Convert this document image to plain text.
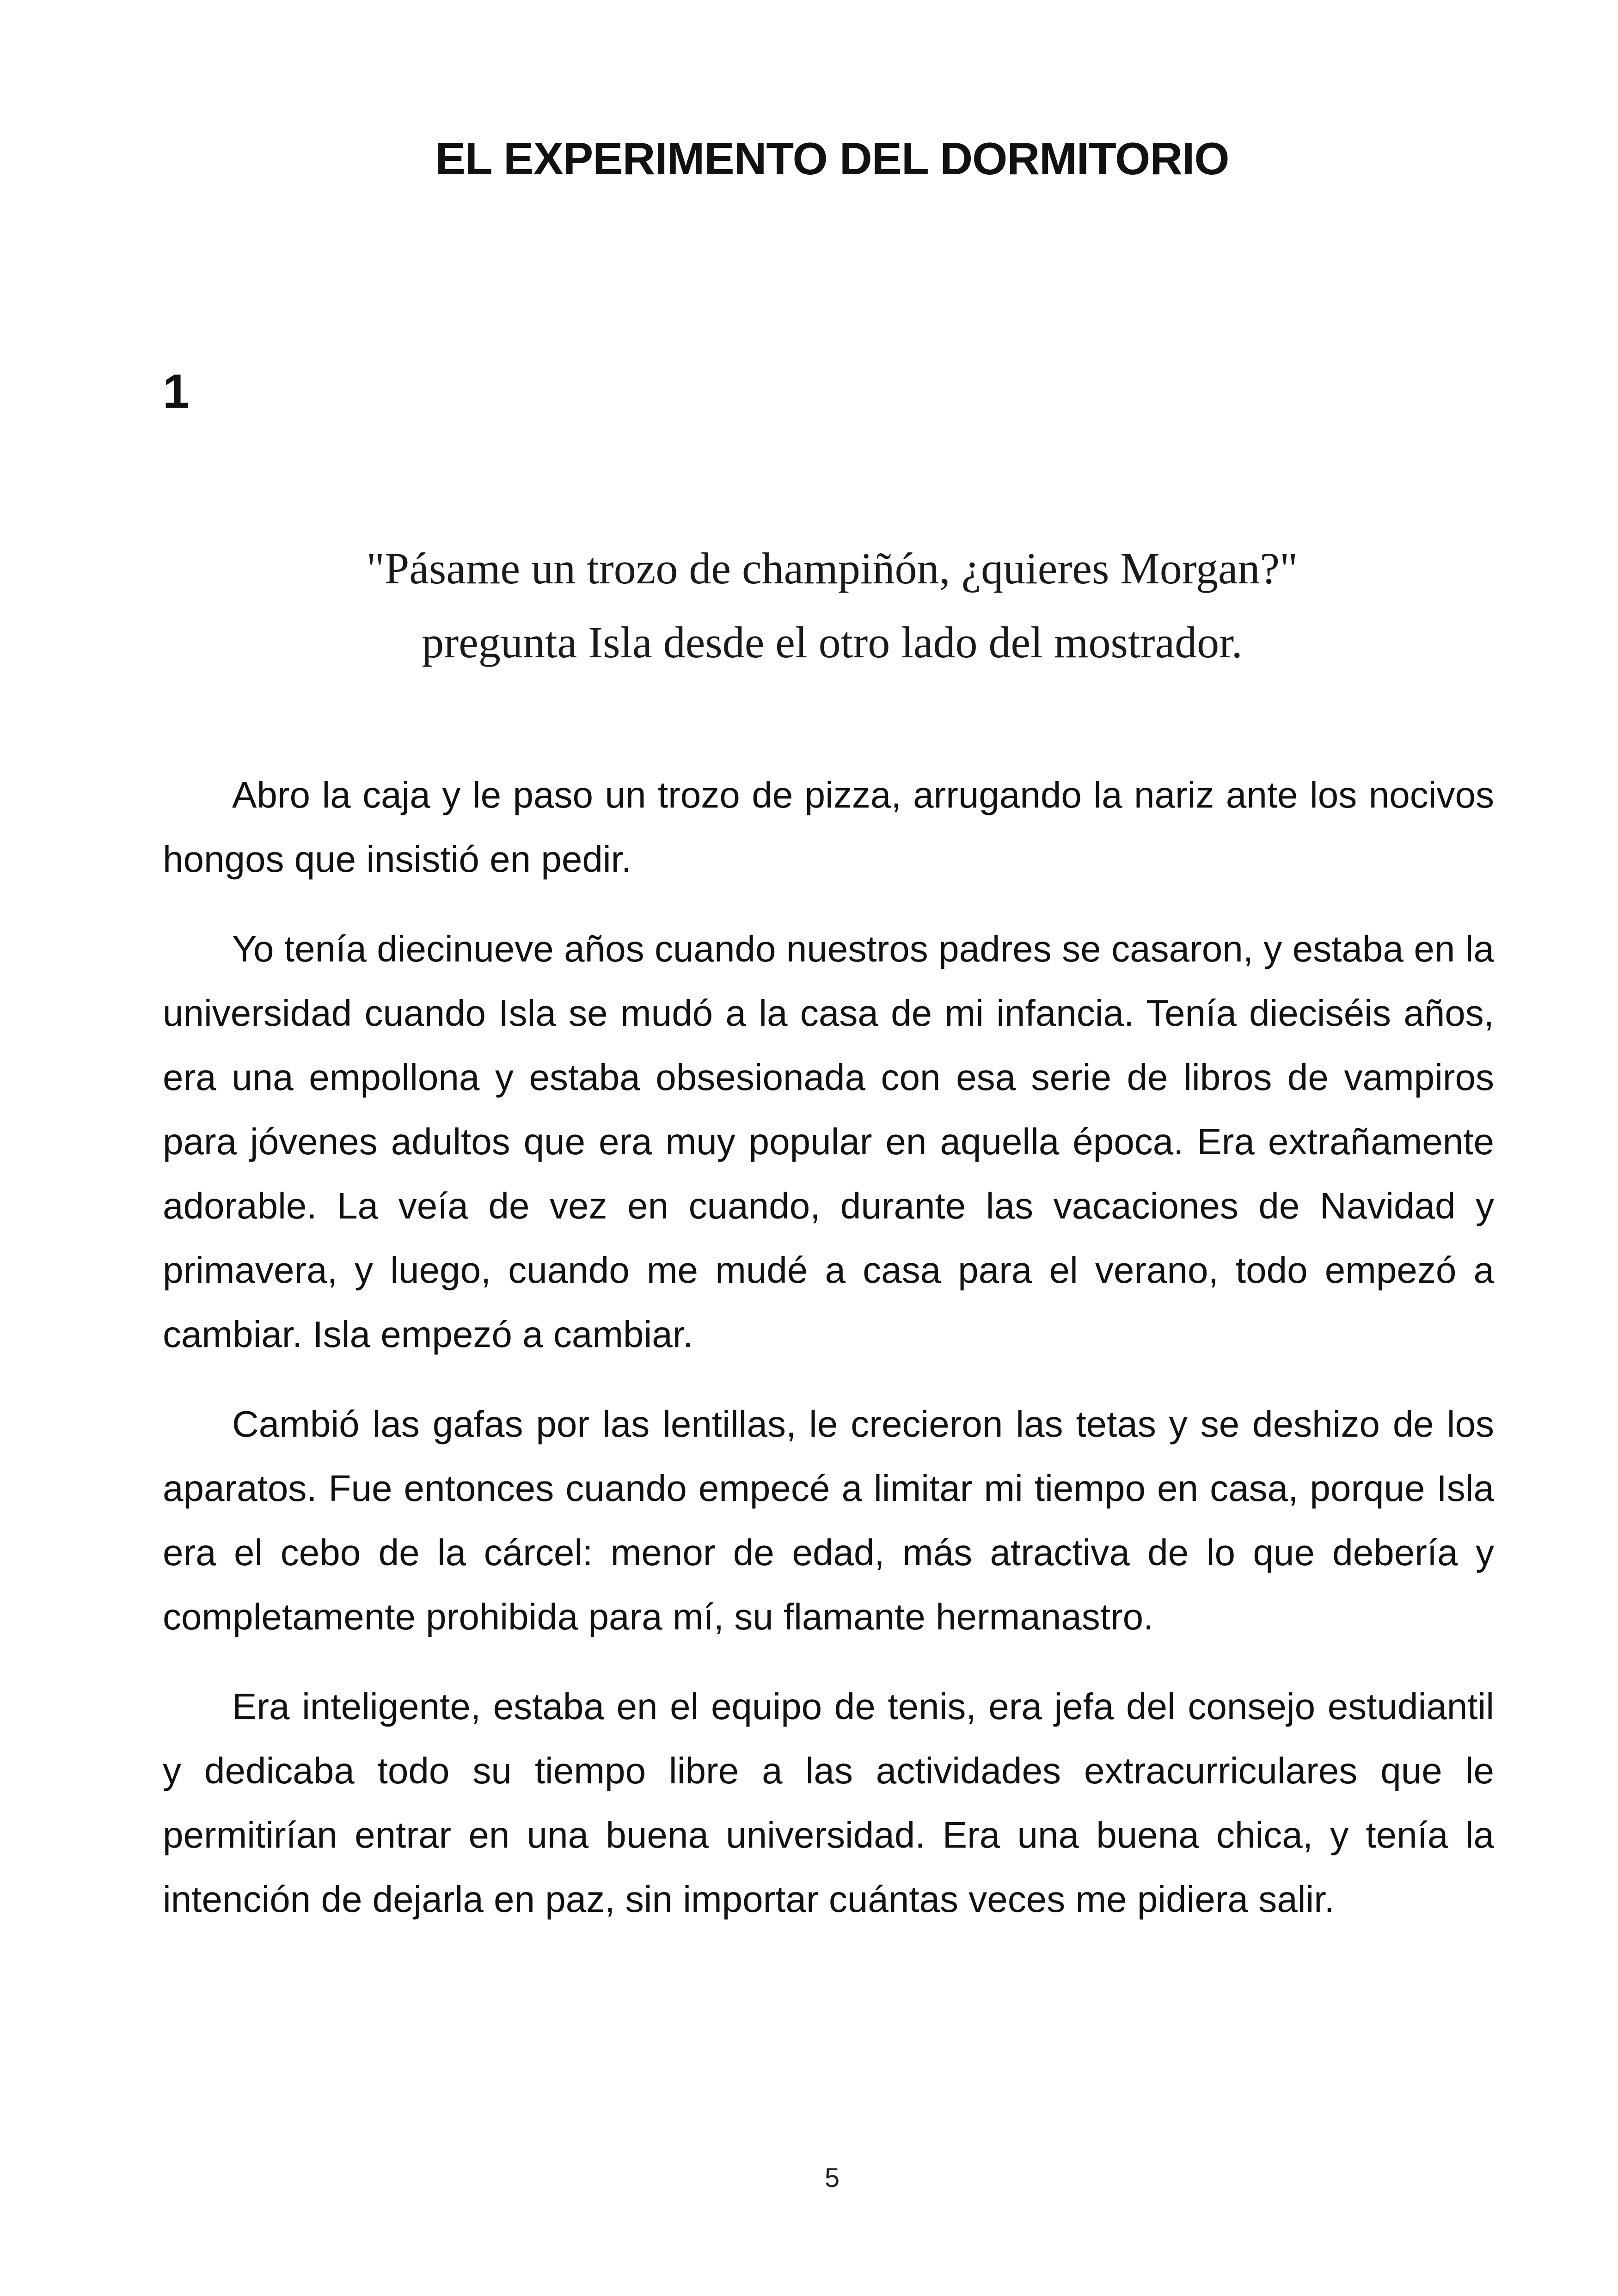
EL EXPERIMENTO DEL DORMITORIO
1
"Pásame un trozo de champiñón, ¿quieres Morgan?"
pregunta Isla desde el otro lado del mostrador.

Abro la caja y le paso un trozo de pizza, arrugando la nariz ante los nocivos hongos que insistió en pedir.

Yo tenía diecinueve años cuando nuestros padres se casaron, y estaba en la universidad cuando Isla se mudó a la casa de mi infancia. Tenía dieciséis años, era una empollona y estaba obsesionada con esa serie de libros de vampiros para jóvenes adultos que era muy popular en aquella época. Era extrañamente adorable. La veía de vez en cuando, durante las vacaciones de Navidad y primavera, y luego, cuando me mudé a casa para el verano, todo empezó a cambiar. Isla empezó a cambiar.

Cambió las gafas por las lentillas, le crecieron las tetas y se deshizo de los aparatos. Fue entonces cuando empecé a limitar mi tiempo en casa, porque Isla era el cebo de la cárcel: menor de edad, más atractiva de lo que debería y completamente prohibida para mí, su flamante hermanastro.

Era inteligente, estaba en el equipo de tenis, era jefa del consejo estudiantil y dedicaba todo su tiempo libre a las actividades extracurriculares que le permitirían entrar en una buena universidad. Era una buena chica, y tenía la intención de dejarla en paz, sin importar cuántas veces me pidiera salir.

5
